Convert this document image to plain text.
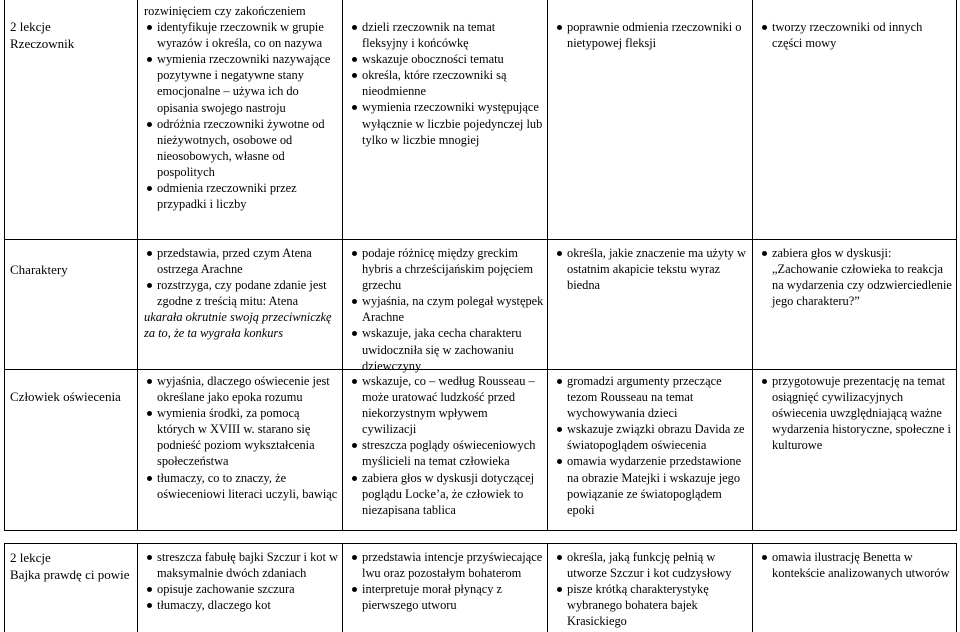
2 lekcje
Rzeczownik
rozwinięciem czy zakończeniem
identyfikuje rzeczownik w grupie wyrazów i określa, co on nazywa
wymienia rzeczowniki nazywające pozytywne i negatywne stany emocjonalne – używa ich do opisania swojego nastroju
odróżnia rzeczowniki żywotne od nieżywotnych, osobowe od nieosobowych, własne od pospolitych
odmienia rzeczowniki przez przypadki i liczby
dzieli rzeczownik na temat fleksyjny i końcówkę
wskazuje oboczności tematu
określa, które rzeczowniki są nieodmienne
wymienia rzeczowniki występujące wyłącznie w liczbie pojedynczej lub tylko w liczbie mnogiej
poprawnie odmienia rzeczowniki o nietypowej fleksji
tworzy rzeczowniki od innych części mowy
Charaktery
przedstawia, przed czym Atena ostrzega Arachne
rozstrzyga, czy podane zdanie jest zgodne z treścią mitu: Atena
ukarała okrutnie swoją przeciwniczkę za to, że ta wygrała konkurs
podaje różnicę między greckim hybris a chrześcijańskim pojęciem grzechu
wyjaśnia, na czym polegał występek Arachne
wskazuje, jaka cecha charakteru uwidoczniła się w zachowaniu dziewczyny
określa, jakie znaczenie ma użyty w ostatnim akapicie tekstu wyraz biedna
zabiera głos w dyskusji: „Zachowanie człowieka to reakcja na wydarzenia czy odzwierciedlenie jego charakteru?”
Człowiek oświecenia
wyjaśnia, dlaczego oświecenie jest określane jako epoka rozumu
wymienia środki, za pomocą których w XVIII w. starano się podnieść poziom wykształcenia społeczeństwa
tłumaczy, co to znaczy, że oświeceniowi literaci uczyli, bawiąc
wskazuje, co – według Rousseau – może uratować ludzkość przed niekorzystnym wpływem cywilizacji
streszcza poglądy oświeceniowych myślicieli na temat człowieka
zabiera głos w dyskusji dotyczącej poglądu Locke’a, że człowiek to niezapisana tablica
gromadzi argumenty przeczące tezom Rousseau na temat wychowywania dzieci
wskazuje związki obrazu Davida ze światopoglądem oświecenia
omawia wydarzenie przedstawione na obrazie Matejki i wskazuje jego powiązanie ze światopoglądem epoki
przygotowuje prezentację na temat osiągnięć cywilizacyjnych oświecenia uwzględniającą ważne wydarzenia historyczne, społeczne i kulturowe
2 lekcje
Bajka prawdę ci powie
streszcza fabułę bajki Szczur i kot w maksymalnie dwóch zdaniach
opisuje zachowanie szczura
tłumaczy, dlaczego kot
przedstawia intencje przyświecające lwu oraz pozostałym bohaterom
interpretuje morał płynący z pierwszego utworu
określa, jaką funkcję pełnią w utworze Szczur i kot cudzysłowy
pisze krótką charakterystykę wybranego bohatera bajek Krasickiego
omawia ilustrację Benetta w kontekście analizowanych utworów
